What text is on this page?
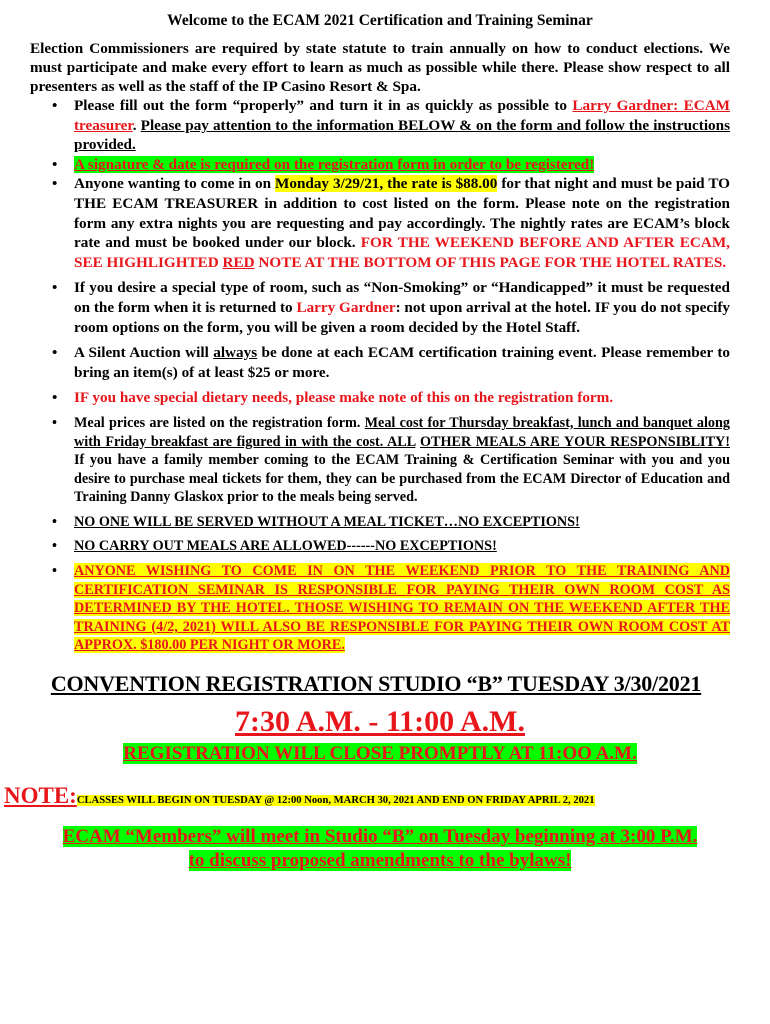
Welcome to the ECAM 2021 Certification and Training Seminar

Election Commissioners are required by state statute to train annually on how to conduct elections. We must participate and make every effort to learn as much as possible while there. Please show respect to all presenters as well as the staff of the IP Casino Resort & Spa.

• Please fill out the form “properly” and turn it in as quickly as possible to Larry Gardner: ECAM treasurer. Please pay attention to the information BELOW & on the form and follow the instructions provided.
• A signature & date is required on the registration form in order to be registered!
• Anyone wanting to come in on Monday 3/29/21, the rate is $88.00 for that night and must be paid TO THE ECAM TREASURER in addition to cost listed on the form. Please note on the registration form any extra nights you are requesting and pay accordingly. The nightly rates are ECAM’s block rate and must be booked under our block. FOR THE WEEKEND BEFORE AND AFTER ECAM, SEE HIGHLIGHTED RED NOTE AT THE BOTTOM OF THIS PAGE FOR THE HOTEL RATES.
• If you desire a special type of room, such as “Non-Smoking” or “Handicapped” it must be requested on the form when it is returned to Larry Gardner: not upon arrival at the hotel. IF you do not specify room options on the form, you will be given a room decided by the Hotel Staff.
• A Silent Auction will always be done at each ECAM certification training event. Please remember to bring an item(s) of at least $25 or more.
• IF you have special dietary needs, please make note of this on the registration form.
• Meal prices are listed on the registration form. Meal cost for Thursday breakfast, lunch and banquet along with Friday breakfast are figured in with the cost. ALL OTHER MEALS ARE YOUR RESPONSIBLITY! If you have a family member coming to the ECAM Training & Certification Seminar with you and you desire to purchase meal tickets for them, they can be purchased from the ECAM Director of Education and Training Danny Glaskox prior to the meals being served.
• NO ONE WILL BE SERVED WITHOUT A MEAL TICKET…NO EXCEPTIONS!
• NO CARRY OUT MEALS ARE ALLOWED------NO EXCEPTIONS!
• ANYONE WISHING TO COME IN ON THE WEEKEND PRIOR TO THE TRAINING AND CERTIFICATION SEMINAR IS RESPONSIBLE FOR PAYING THEIR OWN ROOM COST AS DETERMINED BY THE HOTEL. THOSE WISHING TO REMAIN ON THE WEEKEND AFTER THE TRAINING (4/2, 2021) WILL ALSO BE RESPONSIBLE FOR PAYING THEIR OWN ROOM COST AT APPROX. $180.00 PER NIGHT OR MORE.
CONVENTION REGISTRATION STUDIO “B” TUESDAY 3/30/2021
7:30 A.M. - 11:00 A.M.
REGISTRATION WILL CLOSE PROMPTLY AT 11:OO A.M.
NOTE:CLASSES WILL BEGIN ON TUESDAY @ 12:00 Noon, MARCH 30, 2021 AND END ON FRIDAY APRIL 2, 2021
ECAM “Members” will meet in Studio “B” on Tuesday beginning at 3:00 P.M.
to discuss proposed amendments to the bylaws!
